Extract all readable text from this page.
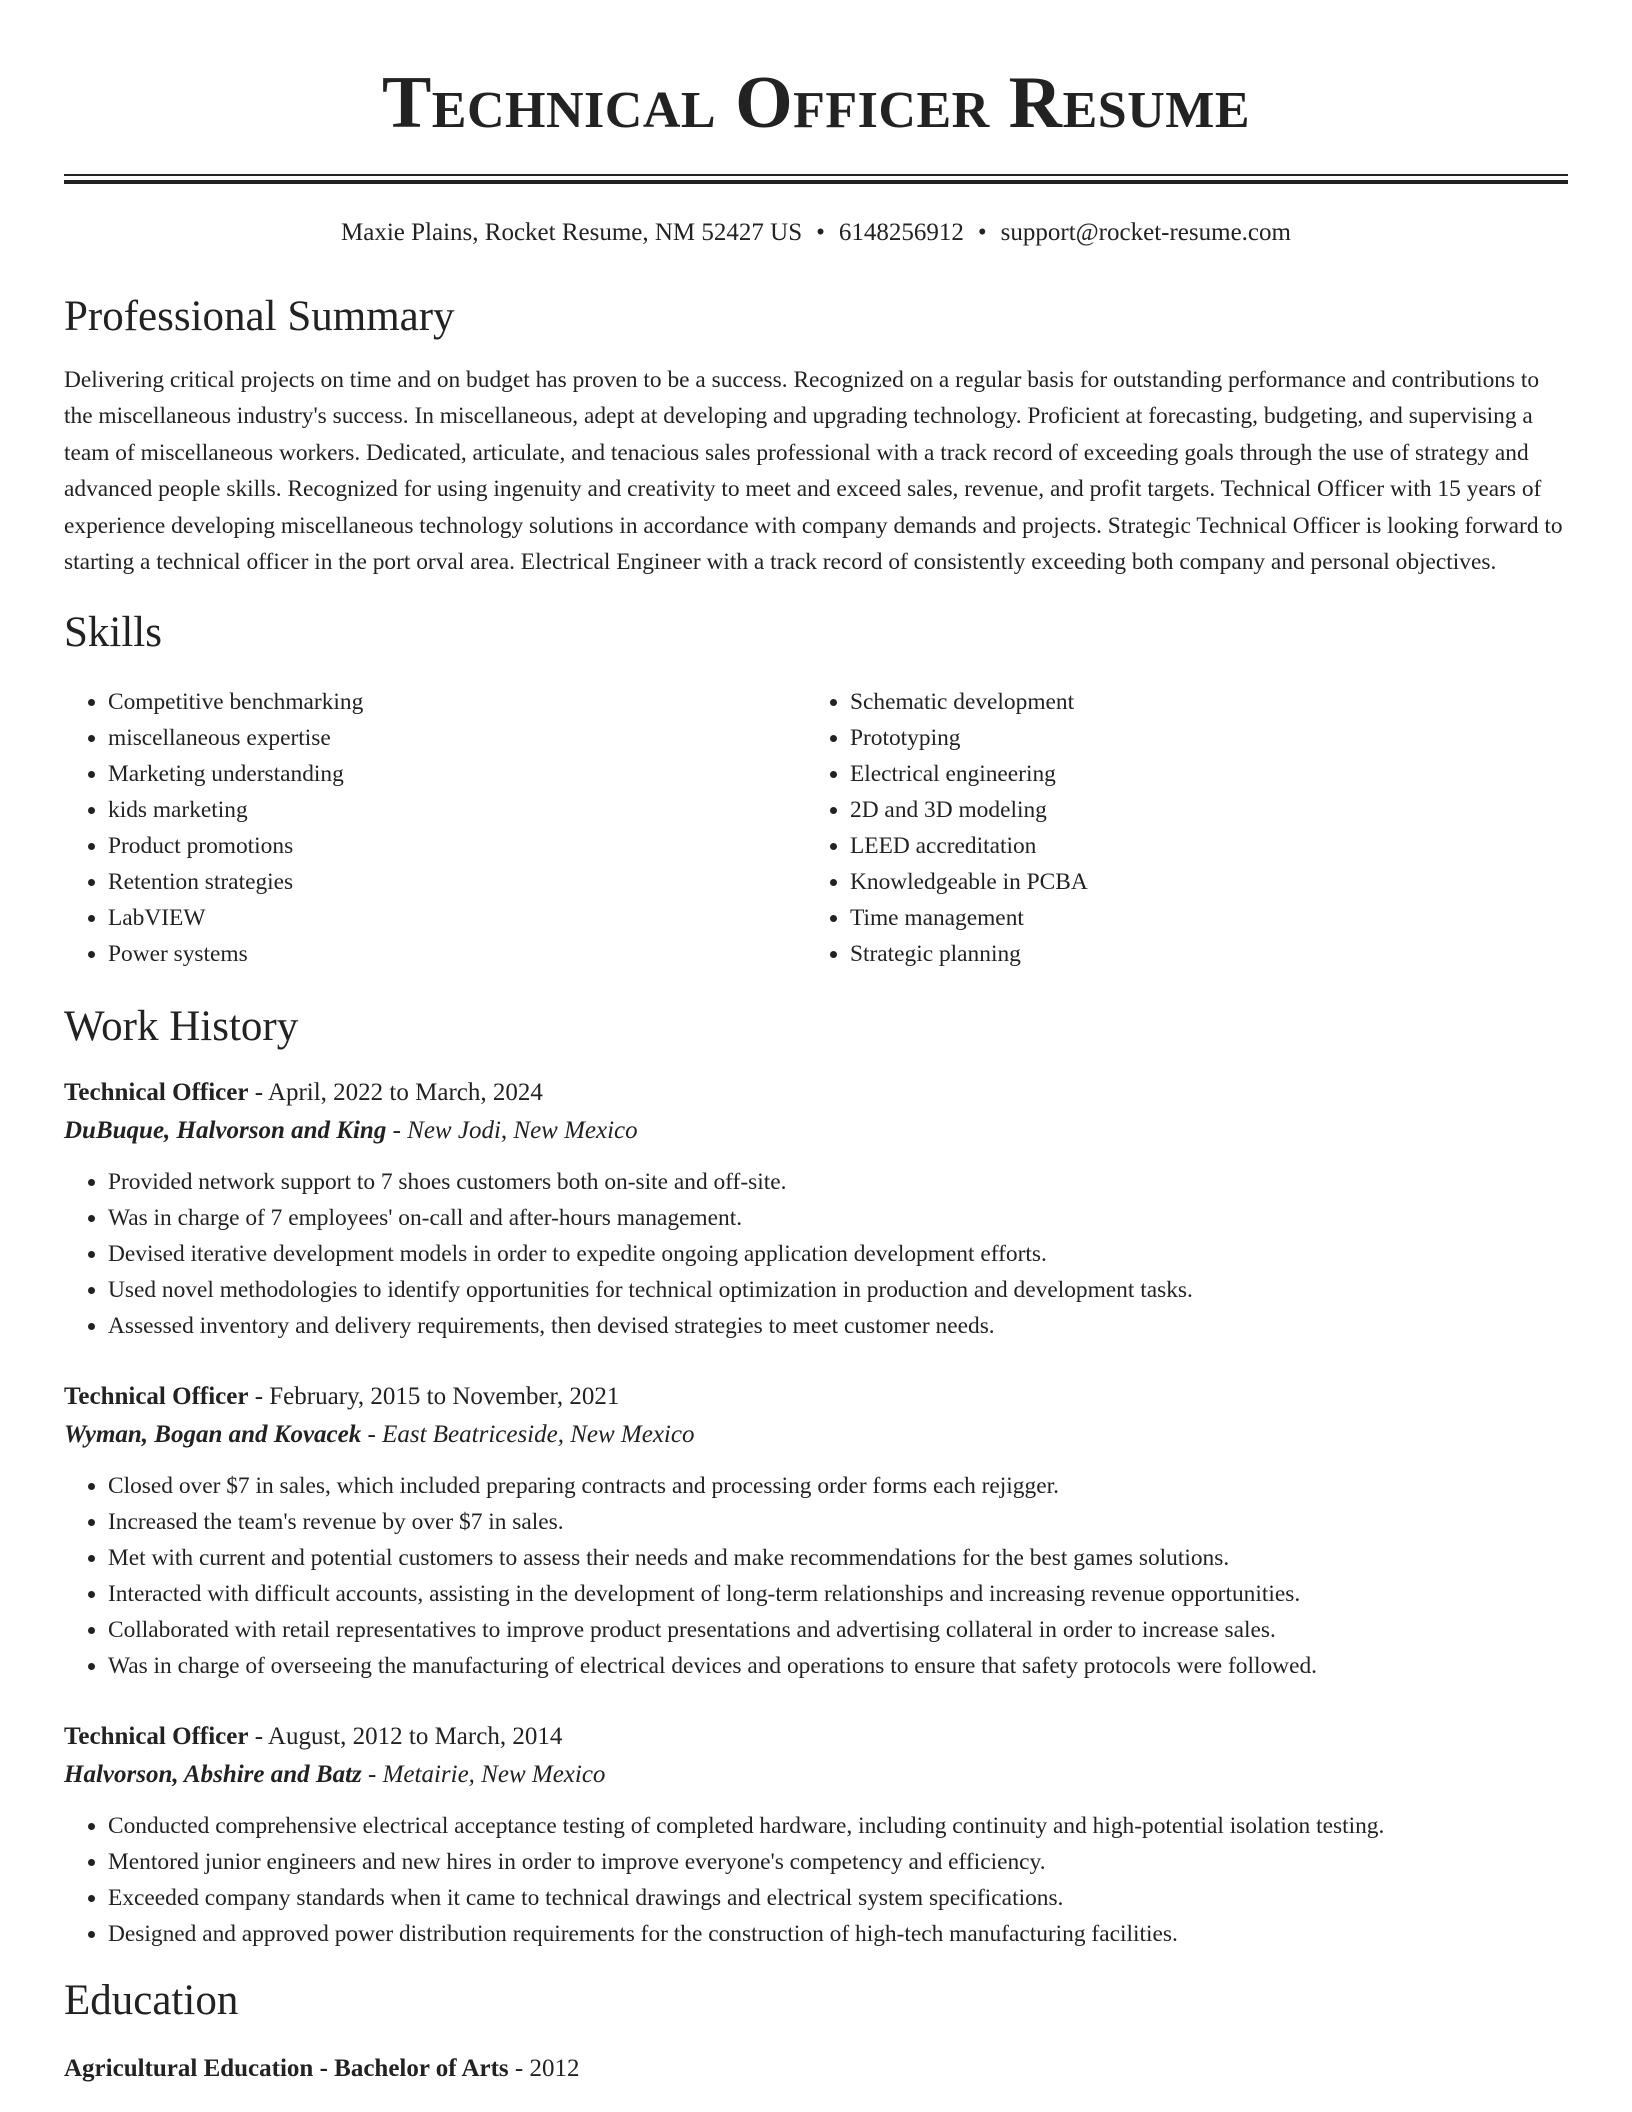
Technical Officer Resume
Maxie Plains, Rocket Resume, NM 52427 US • 6148256912 • support@rocket-resume.com
Professional Summary

Delivering critical projects on time and on budget has proven to be a success. Recognized on a regular basis for outstanding performance and contributions to the miscellaneous industry's success. In miscellaneous, adept at developing and upgrading technology. Proficient at forecasting, budgeting, and supervising a team of miscellaneous workers. Dedicated, articulate, and tenacious sales professional with a track record of exceeding goals through the use of strategy and advanced people skills. Recognized for using ingenuity and creativity to meet and exceed sales, revenue, and profit targets. Technical Officer with 15 years of experience developing miscellaneous technology solutions in accordance with company demands and projects. Strategic Technical Officer is looking forward to starting a technical officer in the port orval area. Electrical Engineer with a track record of consistently exceeding both company and personal objectives.

Skills
• Competitive benchmarking
• miscellaneous expertise
• Marketing understanding
• kids marketing
• Product promotions
• Retention strategies
• LabVIEW
• Power systems
• Schematic development
• Prototyping
• Electrical engineering
• 2D and 3D modeling
• LEED accreditation
• Knowledgeable in PCBA
• Time management
• Strategic planning
Work History
Technical Officer - April, 2022 to March, 2024
DuBuque, Halvorson and King - New Jodi, New Mexico
• Provided network support to 7 shoes customers both on-site and off-site.
• Was in charge of 7 employees' on-call and after-hours management.
• Devised iterative development models in order to expedite ongoing application development efforts.
• Used novel methodologies to identify opportunities for technical optimization in production and development tasks.
• Assessed inventory and delivery requirements, then devised strategies to meet customer needs.
Technical Officer - February, 2015 to November, 2021
Wyman, Bogan and Kovacek - East Beatriceside, New Mexico
• Closed over $7 in sales, which included preparing contracts and processing order forms each rejigger.
• Increased the team's revenue by over $7 in sales.
• Met with current and potential customers to assess their needs and make recommendations for the best games solutions.
• Interacted with difficult accounts, assisting in the development of long-term relationships and increasing revenue opportunities.
• Collaborated with retail representatives to improve product presentations and advertising collateral in order to increase sales.
• Was in charge of overseeing the manufacturing of electrical devices and operations to ensure that safety protocols were followed.
Technical Officer - August, 2012 to March, 2014
Halvorson, Abshire and Batz - Metairie, New Mexico
• Conducted comprehensive electrical acceptance testing of completed hardware, including continuity and high-potential isolation testing.
• Mentored junior engineers and new hires in order to improve everyone's competency and efficiency.
• Exceeded company standards when it came to technical drawings and electrical system specifications.
• Designed and approved power distribution requirements for the construction of high-tech manufacturing facilities.
Education
Agricultural Education - Bachelor of Arts - 2012
